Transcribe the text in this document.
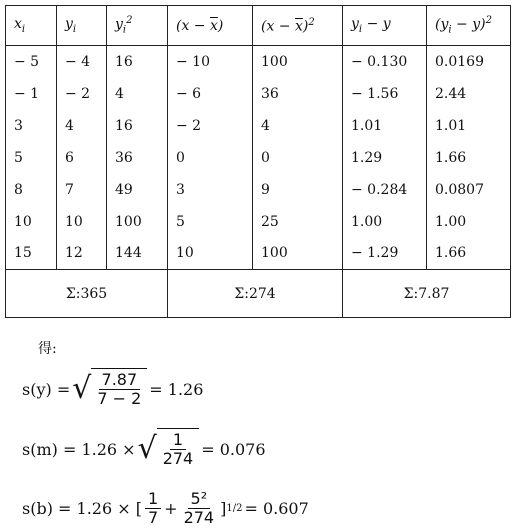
$x_i$	$y_i$	$y_i^2$	$(x - \overline{x})$	$(x - \overline{x})^2$	$y_i - y$	$(y_i - y)^2$
− 5	− 4	16	− 10	100	− 0.130	0.0169
− 1	− 2	4	− 6	36	− 1.56	2.44
3	4	16	− 2	4	1.01	1.01
5	6	36	0	0	1.29	1.66
8	7	49	3	9	− 0.284	0.0807
10	10	100	5	25	1.00	1.00
15	12	144	10	100	− 1.29	1.66
Σ:365			Σ:274		Σ:7.87	
得:
s(y) = √ $\frac{7.87}{7 - 2} = 1.26$
s(m) = 1.26 × √ $\frac{1}{274} = 0.076$
s(b) = 1.26 × [ $\frac{1}{7} + \frac{\text{5²}}{274}$ ] 1/2 = 0.607
